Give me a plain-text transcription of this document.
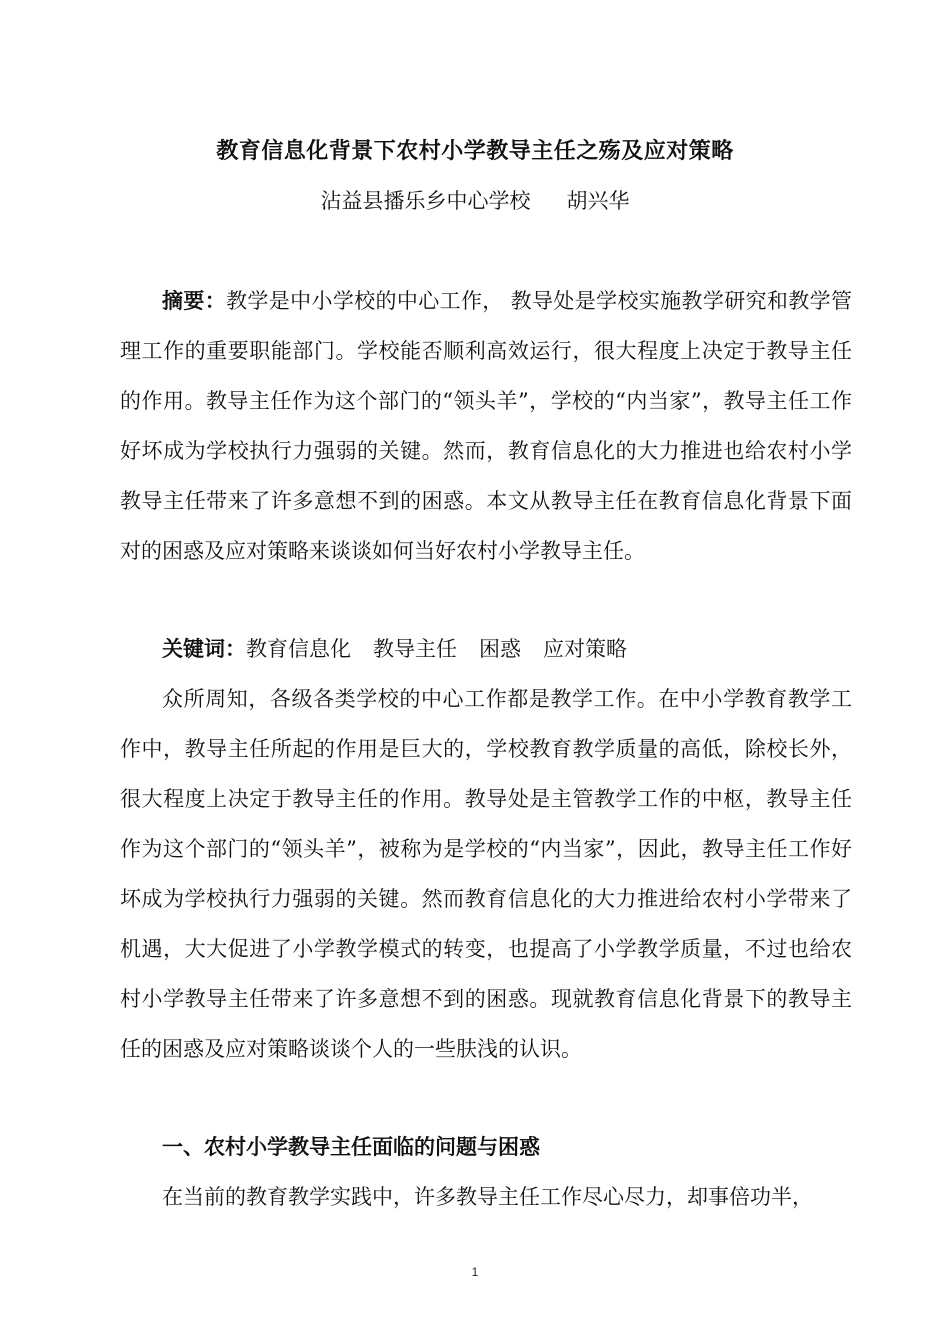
教育信息化背景下农村小学教导主任之殇及应对策略
沾益县播乐乡中心学校 胡兴华

摘要：教学是中小学校的中心工作， 教导处是学校实施教学研究和教学管理工作的重要职能部门。学校能否顺利高效运行，很大程度上决定于教导主任的作用。教导主任作为这个部门的“领头羊”，学校的“内当家”，教导主任工作好坏成为学校执行力强弱的关键。然而，教育信息化的大力推进也给农村小学教导主任带来了许多意想不到的困惑。本文从教导主任在教育信息化背景下面对的困惑及应对策略来谈谈如何当好农村小学教导主任。

关键词：教育信息化 教导主任 困惑 应对策略

众所周知，各级各类学校的中心工作都是教学工作。在中小学教育教学工作中，教导主任所起的作用是巨大的，学校教育教学质量的高低，除校长外，很大程度上决定于教导主任的作用。教导处是主管教学工作的中枢，教导主任作为这个部门的“领头羊”，被称为是学校的“内当家”，因此，教导主任工作好坏成为学校执行力强弱的关键。然而教育信息化的大力推进给农村小学带来了机遇，大大促进了小学教学模式的转变，也提高了小学教学质量，不过也给农村小学教导主任带来了许多意想不到的困惑。现就教育信息化背景下的教导主任的困惑及应对策略谈谈个人的一些肤浅的认识。

一、农村小学教导主任面临的问题与困惑

在当前的教育教学实践中，许多教导主任工作尽心尽力，却事倍功半，

1
